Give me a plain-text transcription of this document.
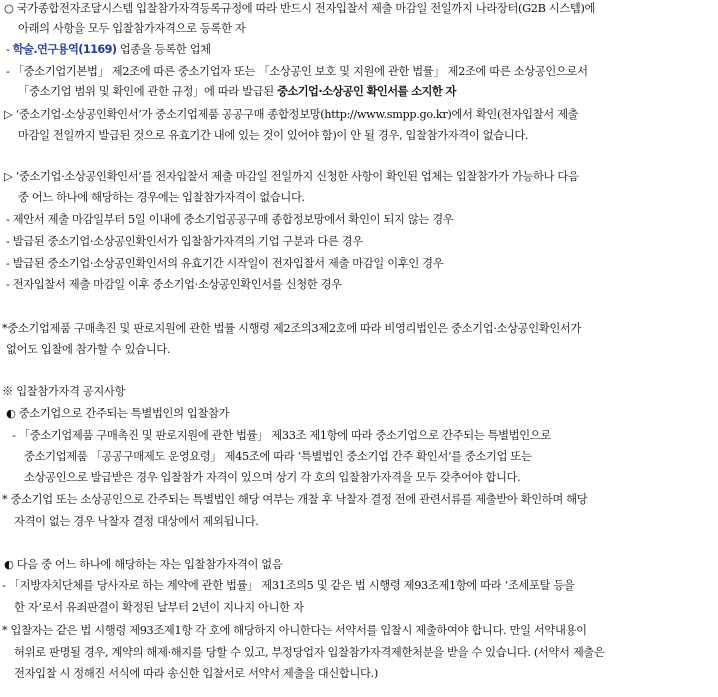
○ 국가종합전자조달시스템 입찰참가자격등록규정에 따라 반드시 전자입찰서 제출 마감일 전일까지 나라장터(G2B 시스템)에
아래의 사항을 모두 입찰참가자격으로 등록한 자
- 학술.연구용역(1169) 업종을 등록한 업체
- 「중소기업기본법」 제2조에 따른 중소기업자 또는 「소상공인 보호 및 지원에 관한 법률」 제2조에 따른 소상공인으로서
「중소기업 범위 및 확인에 관한 규정」에 따라 발급된 중소기업·소상공인 확인서를 소지한 자
▷ ‘중소기업·소상공인확인서’가 중소기업제품 공공구매 종합정보망(http://www.smpp.go.kr)에서 확인(전자입찰서 제출
마감일 전일까지 발급된 것으로 유효기간 내에 있는 것이 있어야 함)이 안 될 경우, 입찰참가자격이 없습니다.
▷ ‘중소기업·소상공인확인서’를 전자입찰서 제출 마감일 전일까지 신청한 사항이 확인된 업체는 입찰참가가 가능하나 다음
중 어느 하나에 해당하는 경우에는 입찰참가자격이 없습니다.
- 제안서 제출 마감일부터 5일 이내에 중소기업공공구매 종합정보망에서 확인이 되지 않는 경우
- 발급된 중소기업·소상공인확인서가 입찰참가자격의 기업 구분과 다른 경우
- 발급된 중소기업·소상공인확인서의 유효기간 시작일이 전자입찰서 제출 마감일 이후인 경우
- 전자입찰서 제출 마감일 이후 중소기업·소상공인확인서를 신청한 경우
*중소기업제품 구매촉진 및 판로지원에 관한 법률 시행령 제2조의3제2호에 따라 비영리법인은 중소기업·소상공인확인서가
없어도 입찰에 참가할 수 있습니다.
※ 입찰참가자격 공지사항
◐ 중소기업으로 간주되는 특별법인의 입찰참가
- 「중소기업제품 구매촉진 및 판로지원에 관한 법률」 제33조 제1항에 따라 중소기업으로 간주되는 특별법인으로
중소기업제품 「공공구매제도 운영요령」 제45조에 따라 ‘특별법인 중소기업 간주 확인서’를 중소기업 또는
소상공인으로 발급받은 경우 입찰참가 자격이 있으며 상기 각 호의 입찰참가자격을 모두 갖추어야 합니다.
* 중소기업 또는 소상공인으로 간주되는 특별법인 해당 여부는 개찰 후 낙찰자 결정 전에 관련서류를 제출받아 확인하며 해당
자격이 없는 경우 낙찰자 결정 대상에서 제외됩니다.
◐ 다음 중 어느 하나에 해당하는 자는 입찰참가자격이 없음
- 「지방자치단체를 당사자로 하는 계약에 관한 법률」 제31조의5 및 같은 법 시행령 제93조제1항에 따라 ‘조세포탈 등을
한 자’로서 유죄판결이 확정된 날부터 2년이 지나지 아니한 자
* 입찰자는 같은 법 시행령 제93조제1항 각 호에 해당하지 아니한다는 서약서를 입찰시 제출하여야 합니다. 만일 서약내용이
허위로 판명될 경우, 계약의 해제·해지를 당할 수 있고, 부정당업자 입찰참가자격제한처분을 받을 수 있습니다. (서약서 제출은
전자입찰 시 정해진 서식에 따라 송신한 입찰서로 서약서 제출을 대신합니다.)
